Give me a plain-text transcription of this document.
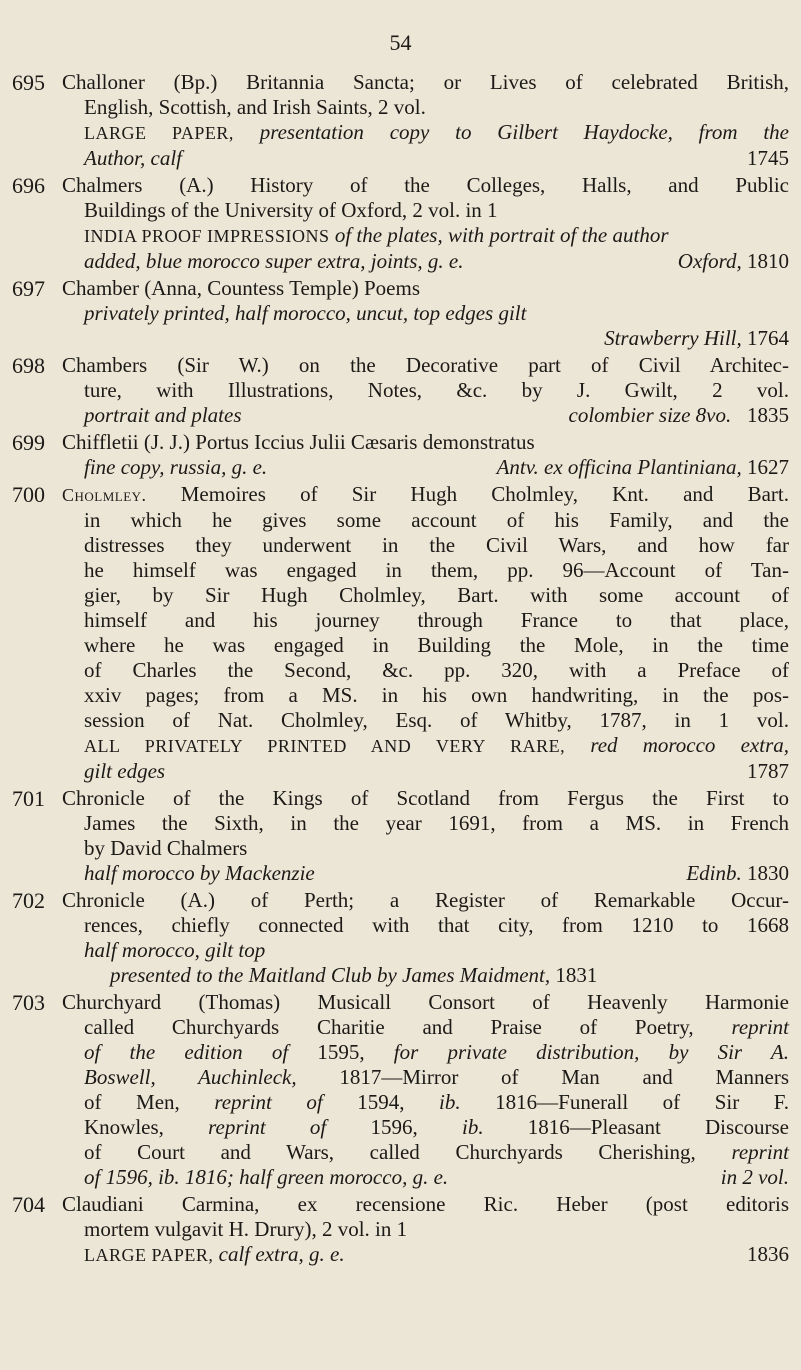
54
695 Challoner (Bp.) Britannia Sancta; or Lives of celebrated British,
English, Scottish, and Irish Saints, 2 vol.
LARGE PAPER, presentation copy to Gilbert Haydocke, from the
Author, calf	1745
696 Chalmers (A.) History of the Colleges, Halls, and Public
Buildings of the University of Oxford, 2 vol. in 1
INDIA PROOF IMPRESSIONS of the plates, with portrait of the author
added, blue morocco super extra, joints, g. e.	Oxford, 1810
697 Chamber (Anna, Countess Temple) Poems
privately printed, half morocco, uncut, top edges gilt
Strawberry Hill, 1764
698 Chambers (Sir W.) on the Decorative part of Civil Architec-
ture, with Illustrations, Notes, &c. by J. Gwilt, 2 vol.
portrait and plates	colombier size 8vo. 1835
699 Chiffletii (J. J.) Portus Iccius Julii Cæsaris demonstratus
fine copy, russia, g. e.	Antv. ex officina Plantiniana, 1627
700 Cholmley. Memoires of Sir Hugh Cholmley, Knt. and Bart.
in which he gives some account of his Family, and the
distresses they underwent in the Civil Wars, and how far
he himself was engaged in them, pp. 96—Account of Tan-
gier, by Sir Hugh Cholmley, Bart. with some account of
himself and his journey through France to that place,
where he was engaged in Building the Mole, in the time
of Charles the Second, &c. pp. 320, with a Preface of
xxiv pages; from a MS. in his own handwriting, in the pos-
session of Nat. Cholmley, Esq. of Whitby, 1787, in 1 vol.
ALL PRIVATELY PRINTED AND VERY RARE, red morocco extra,
gilt edges	1787
701 Chronicle of the Kings of Scotland from Fergus the First to
James the Sixth, in the year 1691, from a MS. in French
by David Chalmers
half morocco by Mackenzie	Edinb. 1830
702 Chronicle (A.) of Perth; a Register of Remarkable Occur-
rences, chiefly connected with that city, from 1210 to 1668
half morocco, gilt top
presented to the Maitland Club by James Maidment, 1831
703 Churchyard (Thomas) Musicall Consort of Heavenly Harmonie
called Churchyards Charitie and Praise of Poetry, reprint
of the edition of 1595, for private distribution, by Sir A.
Boswell, Auchinleck, 1817—Mirror of Man and Manners
of Men, reprint of 1594, ib. 1816—Funerall of Sir F.
Knowles, reprint of 1596, ib. 1816—Pleasant Discourse
of Court and Wars, called Churchyards Cherishing, reprint
of 1596, ib. 1816; half green morocco, g. e.	in 2 vol.
704 Claudiani Carmina, ex recensione Ric. Heber (post editoris
mortem vulgavit H. Drury), 2 vol. in 1
LARGE PAPER, calf extra, g. e.	1836
